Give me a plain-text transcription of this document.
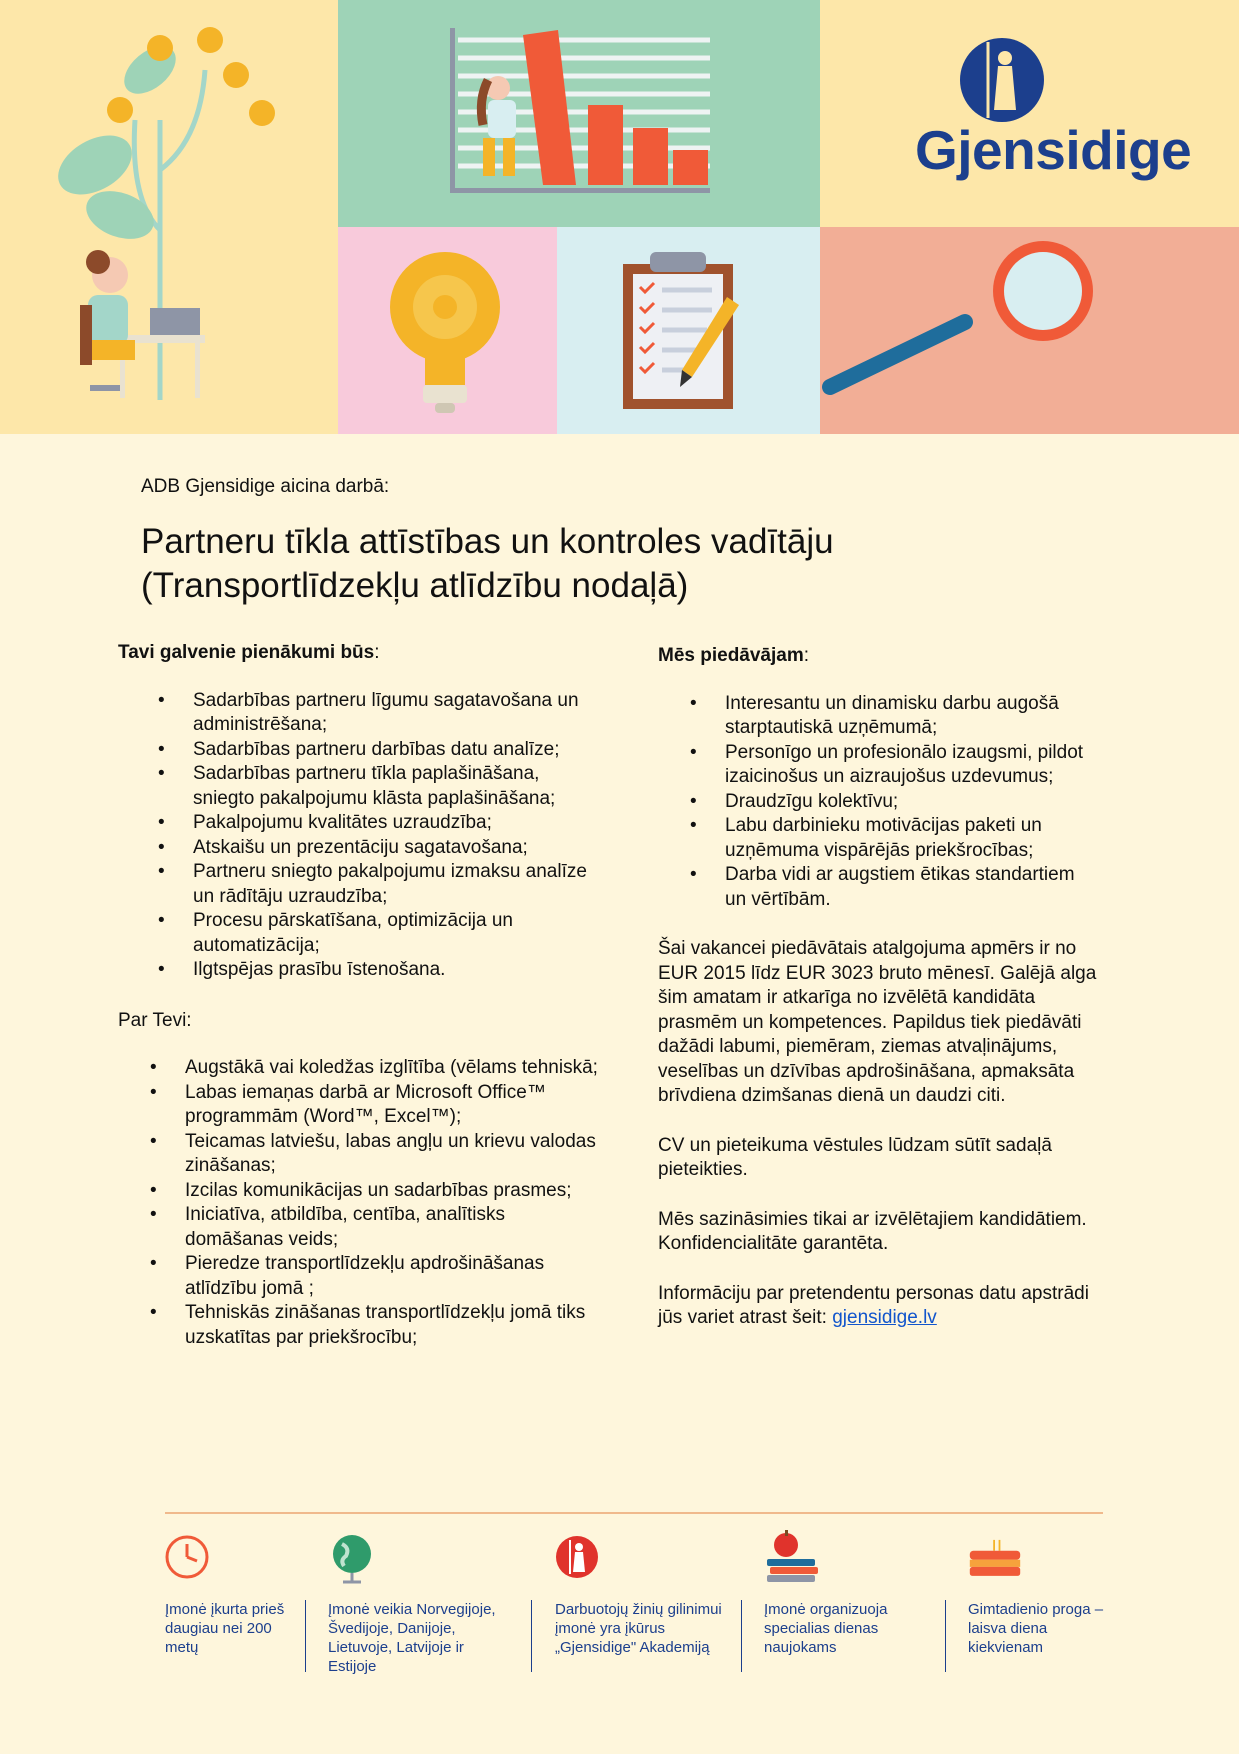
Gjensidige
ADB Gjensidige aicina darbā:
Partneru tīkla attīstības un kontroles vadītāju
(Transportlīdzekļu atlīdzību nodaļā)
Tavi galvenie pienākumi būs:
• Sadarbības partneru līgumu sagatavošana un administrēšana;
• Sadarbības partneru darbības datu analīze;
• Sadarbības partneru tīkla paplašināšana, sniegto pakalpojumu klāsta paplašināšana;
• Pakalpojumu kvalitātes uzraudzība;
• Atskaišu un prezentāciju sagatavošana;
• Partneru sniegto pakalpojumu izmaksu analīze un rādītāju uzraudzība;
• Procesu pārskatīšana, optimizācija un automatizācija;
• Ilgtspējas prasību īstenošana.
Par Tevi:
• Augstākā vai koledžas izglītība (vēlams tehniskā;
• Labas iemaņas darbā ar Microsoft Office™ programmām (Word™, Excel™);
• Teicamas latviešu, labas angļu un krievu valodas zināšanas;
• Izcilas komunikācijas un sadarbības prasmes;
• Iniciatīva, atbildība, centība, analītisks domāšanas veids;
• Pieredze transportlīdzekļu apdrošināšanas atlīdzību jomā ;
• Tehniskās zināšanas transportlīdzekļu jomā tiks uzskatītas par priekšrocību;
Mēs piedāvājam:
• Interesantu un dinamisku darbu augošā starptautiskā uzņēmumā;
• Personīgo un profesionālo izaugsmi, pildot izaicinošus un aizraujošus uzdevumus;
• Draudzīgu kolektīvu;
• Labu darbinieku motivācijas paketi un uzņēmuma vispārējās priekšrocības;
• Darba vidi ar augstiem ētikas standartiem un vērtībām.
Šai vakancei piedāvātais atalgojuma apmērs ir no EUR 2015 līdz EUR 3023 bruto mēnesī. Galējā alga šim amatam ir atkarīga no izvēlētā kandidāta prasmēm un kompetences. Papildus tiek piedāvāti dažādi labumi, piemēram, ziemas atvaļinājums, veselības un dzīvības apdrošināšana, apmaksāta brīvdiena dzimšanas dienā un daudzi citi.
CV un pieteikuma vēstules lūdzam sūtīt sadaļā pieteikties.
Mēs sazināsimies tikai ar izvēlētajiem kandidātiem.
Konfidencialitāte garantēta.
Informāciju par pretendentu personas datu apstrādi jūs variet atrast šeit: gjensidige.lv
Įmonė įkurta prieš daugiau nei 200 metų
Įmonė veikia Norvegijoje, Švedijoje, Danijoje, Lietuvoje, Latvijoje ir Estijoje
Darbuotojų žinių gilinimui įmonė yra įkūrus „Gjensidige" Akademiją
Įmonė organizuoja specialias dienas naujokams
Gimtadienio proga – laisva diena kiekvienam
